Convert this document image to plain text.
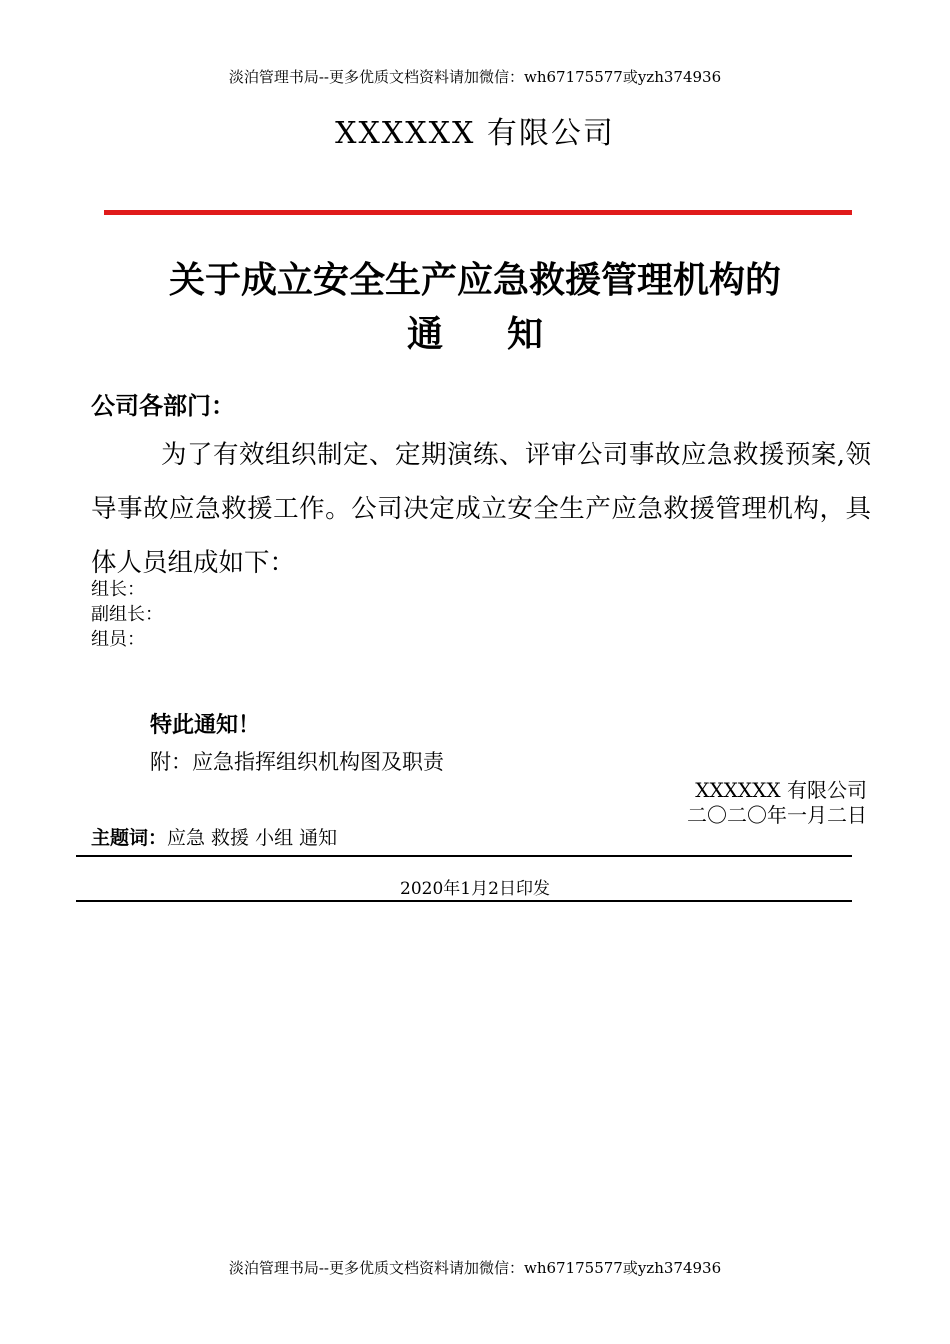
淡泊管理书局--更多优质文档资料请加微信：wh67175577或yzh374936
XXXXXX 有限公司
关于成立安全生产应急救援管理机构的
通 知
公司各部门：
为了有效组织制定、定期演练、评审公司事故应急救援预案,领导事故应急救援工作。公司决定成立安全生产应急救援管理机构，具体人员组成如下：
组长：
副组长：
组员：
特此通知！
附：应急指挥组织机构图及职责
XXXXXX 有限公司
二〇二〇年一月二日
主题词：应急 救援 小组 通知
2020年1月2日印发
淡泊管理书局--更多优质文档资料请加微信：wh67175577或yzh374936
